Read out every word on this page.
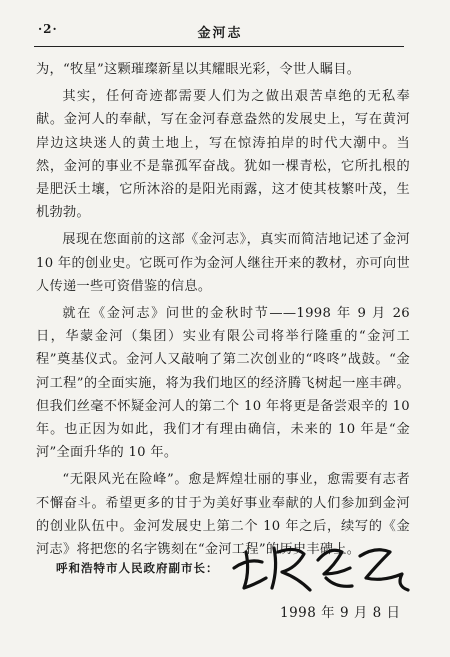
·2·	金河志

为，“牧星”这颗璀璨新星以其耀眼光彩，令世人瞩目。

其实，任何奇迹都需要人们为之做出艰苦卓绝的无私奉献。金河人的奉献，写在金河春意盎然的发展史上，写在黄河岸边这块迷人的黄土地上，写在惊涛拍岸的时代大潮中。当然，金河的事业不是靠孤军奋战。犹如一棵青松，它所扎根的是肥沃土壤，它所沐浴的是阳光雨露，这才使其枝繁叶茂，生机勃勃。

展现在您面前的这部《金河志》，真实而简洁地记述了金河 10 年的创业史。它既可作为金河人继往开来的教材，亦可向世人传递一些可资借鉴的信息。

就在《金河志》问世的金秋时节——1998 年 9 月 26 日，华蒙金河（集团）实业有限公司将举行隆重的“金河工程”奠基仪式。金河人又敲响了第二次创业的“咚咚”战鼓。“金河工程”的全面实施，将为我们地区的经济腾飞树起一座丰碑。但我们丝毫不怀疑金河人的第二个 10 年将更是备尝艰辛的 10 年。也正因为如此，我们才有理由确信，未来的 10 年是“金河”全面升华的 10 年。

“无限风光在险峰”。愈是辉煌壮丽的事业，愈需要有志者不懈奋斗。希望更多的甘于为美好事业奉献的人们参加到金河的创业队伍中。金河发展史上第二个 10 年之后，续写的《金河志》将把您的名字镌刻在“金河工程”的历史丰碑上。

呼和浩特市人民政府副市长：
1998 年 9 月 8 日
